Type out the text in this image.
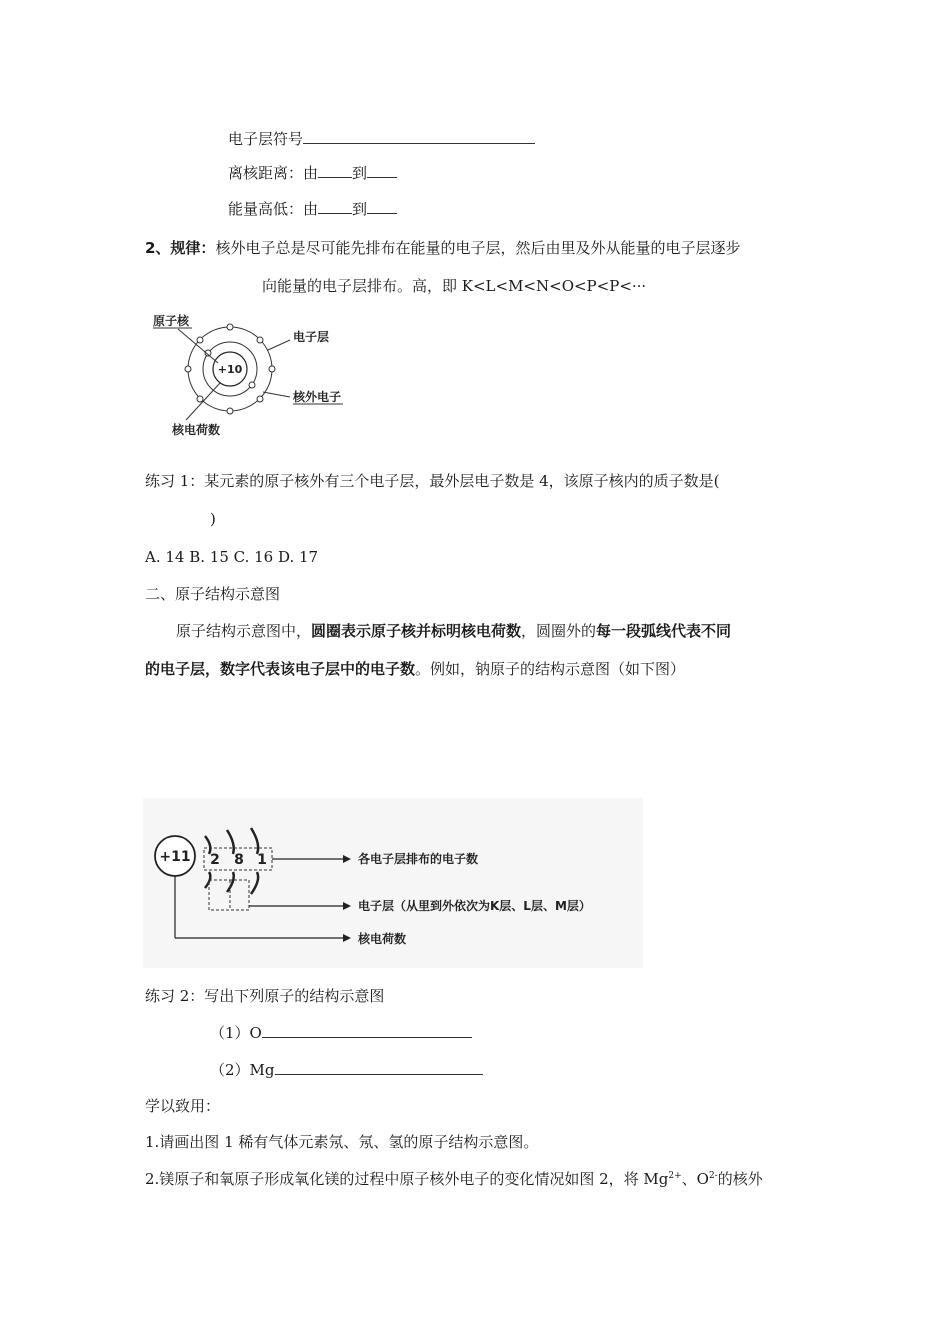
电子层符号
离核距离：由 到
能量高低：由 到
2、规律：核外电子总是尽可能先排布在能量的电子层，然后由里及外从能量的电子层逐步
向能量的电子层排布。高，即 K<L<M<N<O<P<P<···
+10
原子核
电子层
核外电子
核电荷数
练习 1：某元素的原子核外有三个电子层，最外层电子数是 4，该原子核内的质子数是(
)
A. 14 B. 15 C. 16 D. 17
二、原子结构示意图
原子结构示意图中，圆圈表示原子核并标明核电荷数，圆圈外的每一段弧线代表不同
的电子层，数字代表该电子层中的电子数。例如，钠原子的结构示意图（如下图）
+11 2 8 1	各电子层排布的电子数
电子层（从里到外依次为K层、L层、M层）
核电荷数
练习 2：写出下列原子的结构示意图
（1）O
（2）Mg
学以致用：
1.请画出图 1 稀有气体元素氖、氖、氢的原子结构示意图。
2.镁原子和氧原子形成氧化镁的过程中原子核外电子的变化情况如图 2，将 $Mg^{2+}$、$O^{2-}$的核外
